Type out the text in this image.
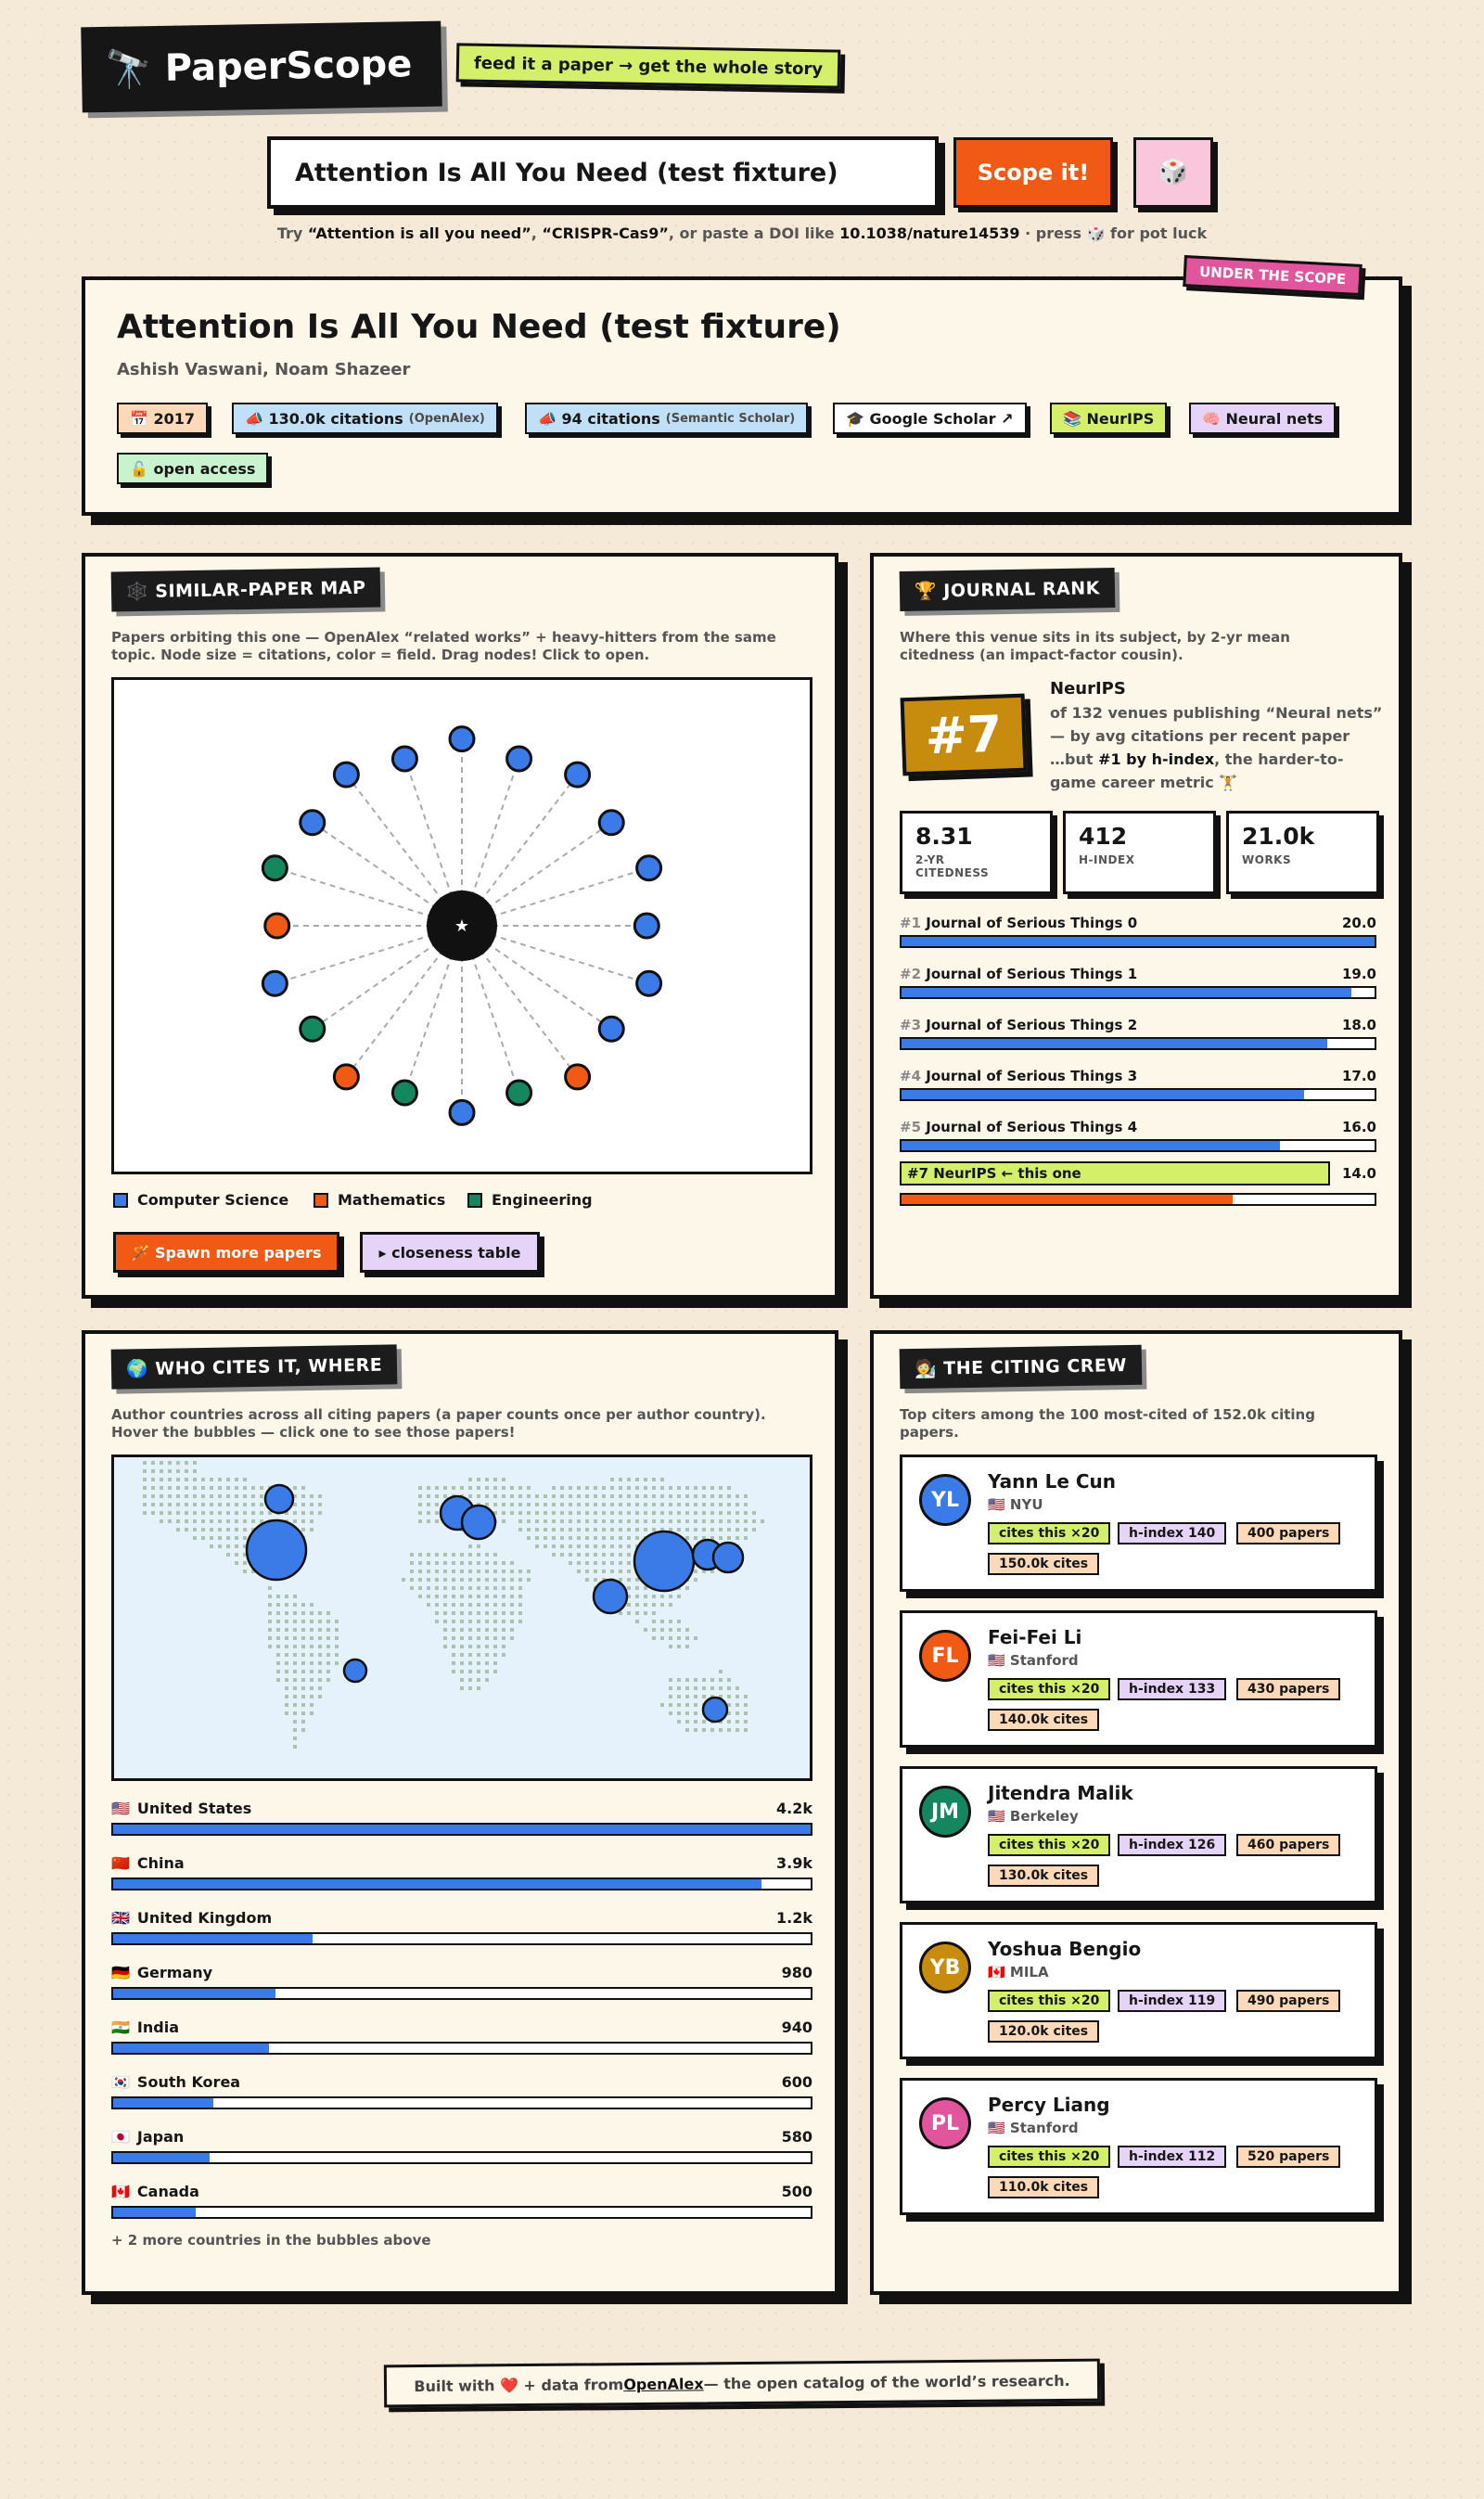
🔭 PaperScope	feed it a paper → get the whole story
Attention Is All You Need (test fixture)	Scope it!	🎲
Try “Attention is all you need”, “CRISPR-Cas9”, or paste a DOI like 10.1038/nature14539 · press 🎲 for pot luck
Attention Is All You Need (test fixture)
Ashish Vaswani, Noam Shazeer
📅 2017	📣 130.0k citations (OpenAlex)	📣 94 citations (Semantic Scholar)	🎓 Google Scholar ↗	📚 NeurIPS	🧠 Neural nets
🔓 open access
UNDER THE SCOPE
🕸️ SIMILAR-PAPER MAP
Papers orbiting this one — OpenAlex “related works” + heavy-hitters from the same topic. Node size = citations, color = field. Drag nodes! Click to open.
★
Computer Science	Mathematics	Engineering
🪄 Spawn more papers	▸ closeness table
🏆 JOURNAL RANK
Where this venue sits in its subject, by 2-yr mean citedness (an impact-factor cousin).
#7
NeurIPS
of 132 venues publishing “Neural nets”
— by avg citations per recent paper
…but #1 by h-index, the harder-to-game career metric 🏋️
8.31
2-YR CITEDNESS
412
H-INDEX
21.0k
WORKS
#1 Journal of Serious Things 0	20.0
#2 Journal of Serious Things 1	19.0
#3 Journal of Serious Things 2	18.0
#4 Journal of Serious Things 3	17.0
#5 Journal of Serious Things 4	16.0
#7 NeurIPS ← this one	14.0
🌍 WHO CITES IT, WHERE
Author countries across all citing papers (a paper counts once per author country). Hover the bubbles — click one to see those papers!
+ 2 more countries in the bubbles above
🇺🇸 United States	4.2k
🇨🇳 China	3.9k
🇬🇧 United Kingdom	1.2k
🇩🇪 Germany	980
🇮🇳 India	940
🇰🇷 South Korea	600
🇯🇵 Japan	580
🇨🇦 Canada	500
🧑‍🔬 THE CITING CREW
Top citers among the 100 most-cited of 152.0k citing papers.
YL
Yann Le Cun
🇺🇸 NYU
cites this ×20	h-index 140	400 papers
150.0k cites
FL
Fei-Fei Li
🇺🇸 Stanford
cites this ×20	h-index 133	430 papers
140.0k cites
JM
Jitendra Malik
🇺🇸 Berkeley
cites this ×20	h-index 126	460 papers
130.0k cites
YB
Yoshua Bengio
🇨🇦 MILA
cites this ×20	h-index 119	490 papers
120.0k cites
PL
Percy Liang
🇺🇸 Stanford
cites this ×20	h-index 112	520 papers
110.0k cites
Built with ❤️ + data from OpenAlex — the open catalog of the world’s research.
